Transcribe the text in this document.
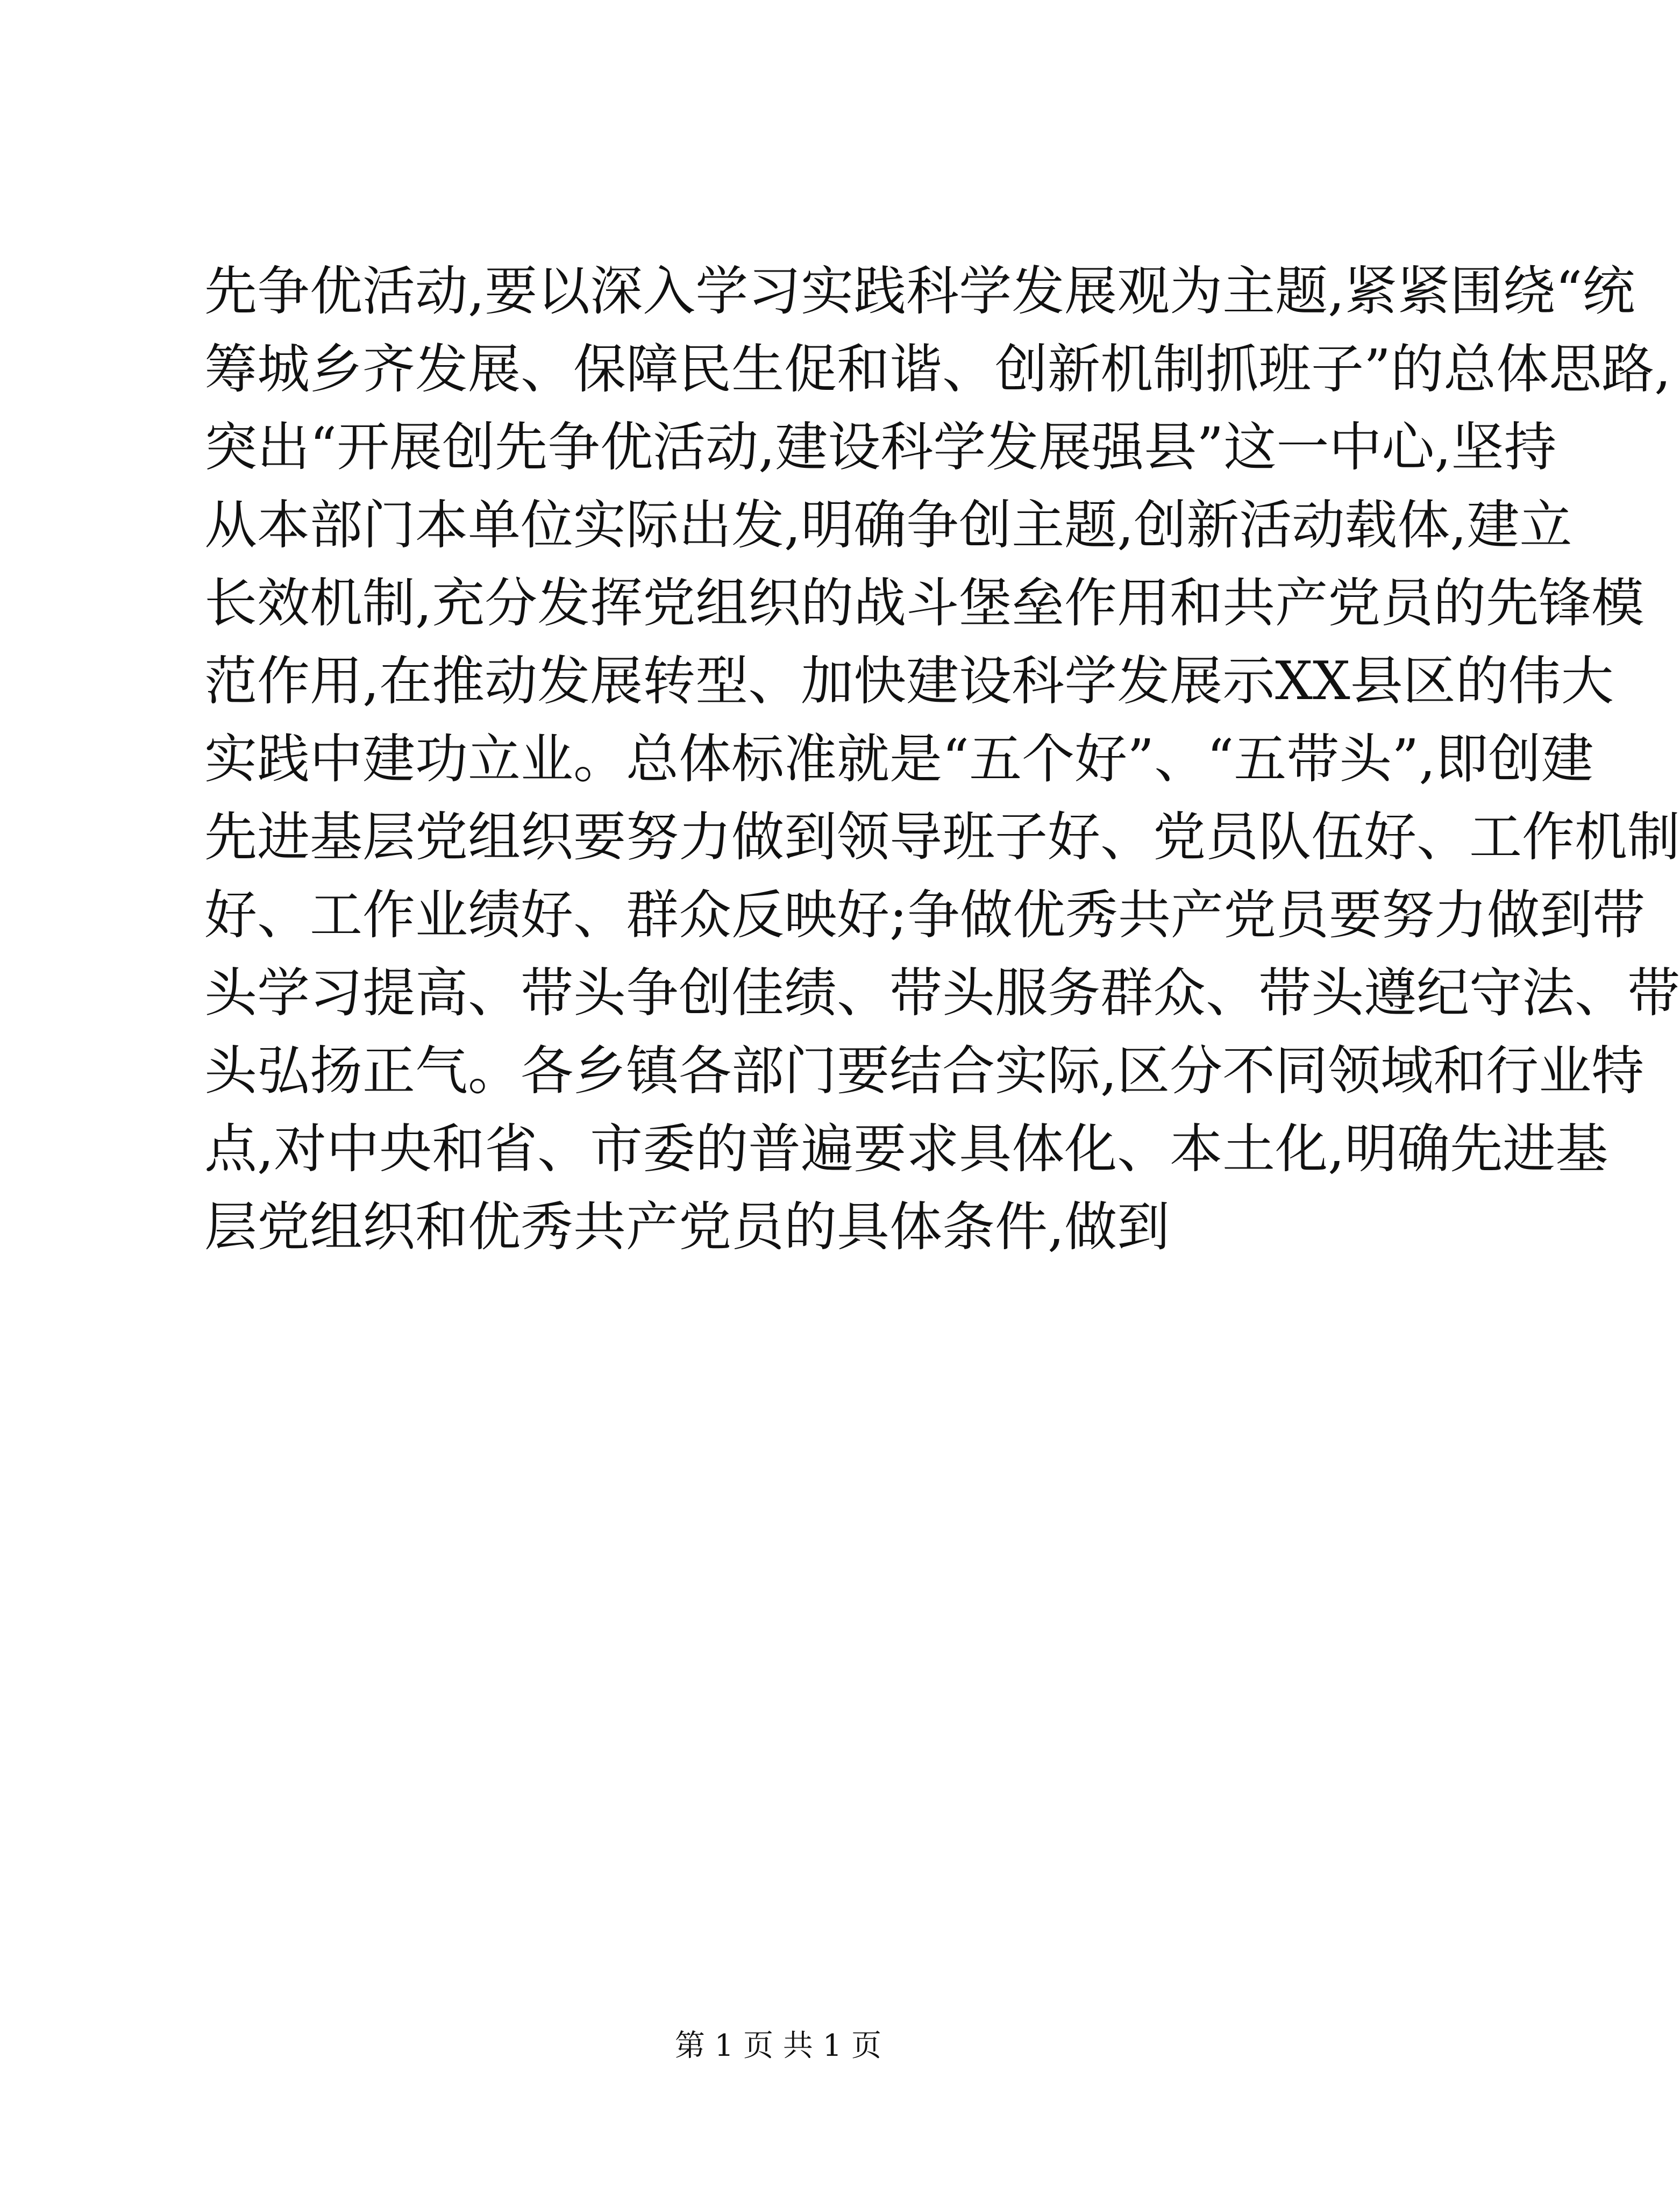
先争优活动,要以深入学习实践科学发展观为主题,紧紧围绕“统
筹城乡齐发展、保障民生促和谐、创新机制抓班子”的总体思路,
突出“开展创先争优活动,建设科学发展强县”这一中心,坚持
从本部门本单位实际出发,明确争创主题,创新活动载体,建立
长效机制,充分发挥党组织的战斗堡垒作用和共产党员的先锋模
范作用,在推动发展转型、加快建设科学发展示XX县区的伟大
实践中建功立业。总体标准就是“五个好”、“五带头”,即创建
先进基层党组织要努力做到领导班子好、党员队伍好、工作机制
好、工作业绩好、群众反映好;争做优秀共产党员要努力做到带
头学习提高、带头争创佳绩、带头服务群众、带头遵纪守法、带
头弘扬正气。各乡镇各部门要结合实际,区分不同领域和行业特
点,对中央和省、市委的普遍要求具体化、本土化,明确先进基
层党组织和优秀共产党员的具体条件,做到
第 1 页 共 1 页
